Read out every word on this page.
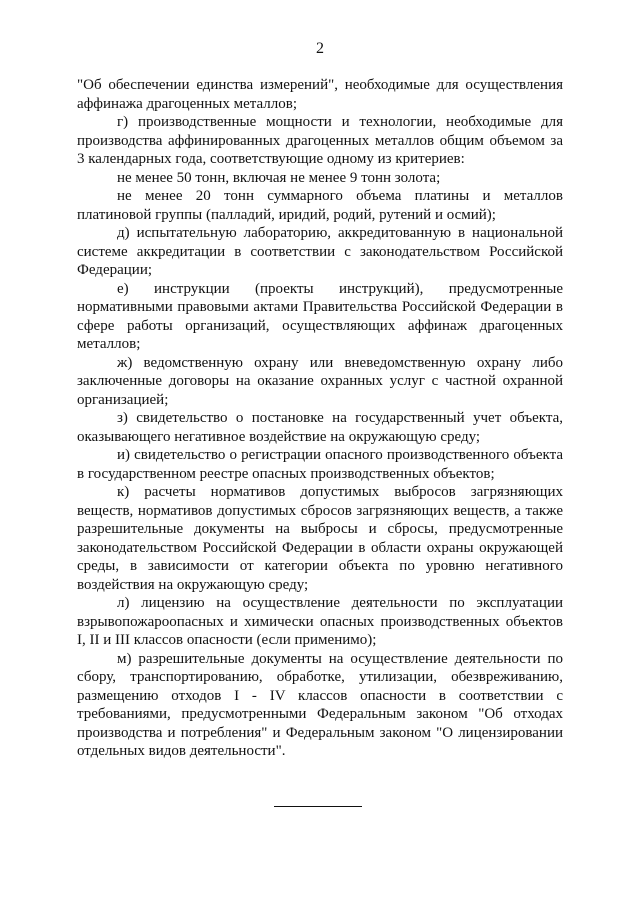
2

"Об обеспечении единства измерений", необходимые для осуществления аффинажа драгоценных металлов;

г) производственные мощности и технологии, необходимые для производства аффинированных драгоценных металлов общим объемом за 3 календарных года, соответствующие одному из критериев:

не менее 50 тонн, включая не менее 9 тонн золота;

не менее 20 тонн суммарного объема платины и металлов платиновой группы (палладий, иридий, родий, рутений и осмий);

д) испытательную лабораторию, аккредитованную в национальной системе аккредитации в соответствии с законодательством Российской Федерации;

е) инструкции (проекты инструкций), предусмотренные нормативными правовыми актами Правительства Российской Федерации в сфере работы организаций, осуществляющих аффинаж драгоценных металлов;

ж) ведомственную охрану или вневедомственную охрану либо заключенные договоры на оказание охранных услуг с частной охранной организацией;

з) свидетельство о постановке на государственный учет объекта, оказывающего негативное воздействие на окружающую среду;

и) свидетельство о регистрации опасного производственного объекта в государственном реестре опасных производственных объектов;

к) расчеты нормативов допустимых выбросов загрязняющих веществ, нормативов допустимых сбросов загрязняющих веществ, а также разрешительные документы на выбросы и сбросы, предусмотренные законодательством Российской Федерации в области охраны окружающей среды, в зависимости от категории объекта по уровню негативного воздействия на окружающую среду;

л) лицензию на осуществление деятельности по эксплуатации взрывопожароопасных и химически опасных производственных объектов I, II и III классов опасности (если применимо);

м) разрешительные документы на осуществление деятельности по сбору, транспортированию, обработке, утилизации, обезвреживанию, размещению отходов I - IV классов опасности в соответствии с требованиями, предусмотренными Федеральным законом "Об отходах производства и потребления" и Федеральным законом "О лицензировании отдельных видов деятельности".
